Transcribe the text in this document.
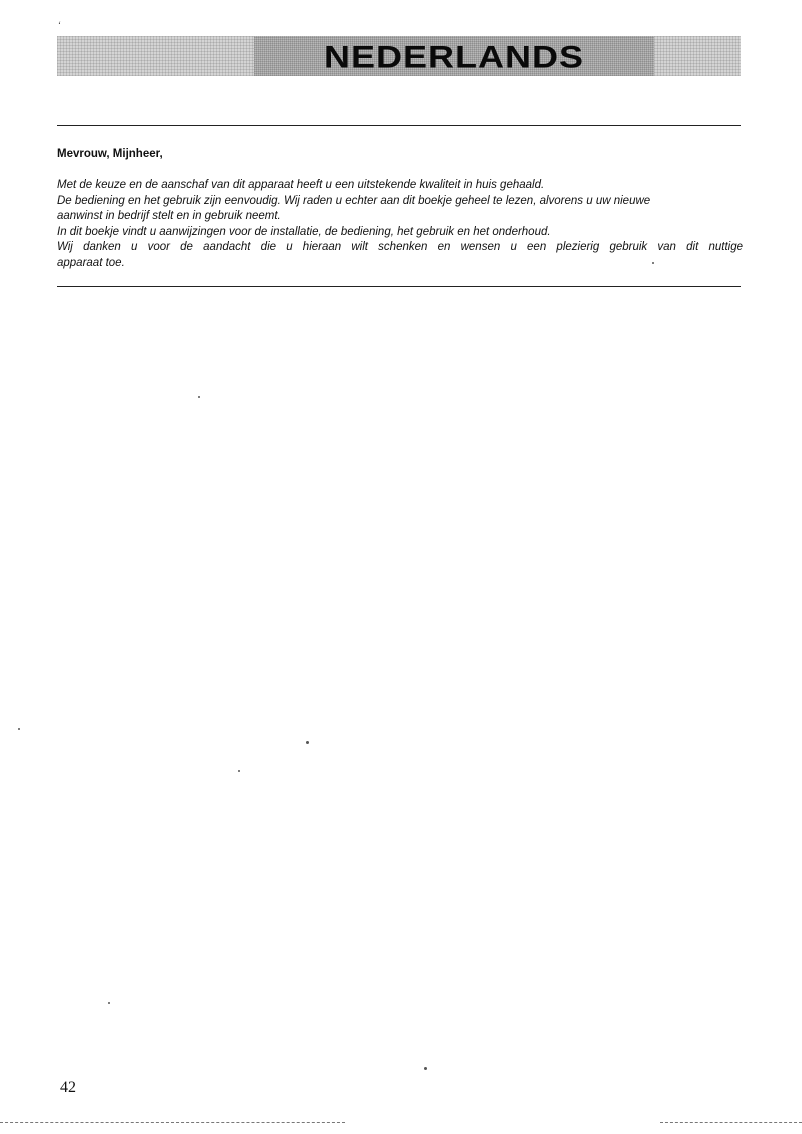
‘
NEDERLANDS

Mevrouw, Mijnheer,

Met de keuze en de aanschaf van dit apparaat heeft u een uitstekende kwaliteit in huis gehaald.
De bediening en het gebruik zijn eenvoudig. Wij raden u echter aan dit boekje geheel te lezen, alvorens u uw nieuwe
aanwinst in bedrijf stelt en in gebruik neemt.
In dit boekje vindt u aanwijzingen voor de installatie, de bediening, het gebruik en het onderhoud.
Wij danken u voor de aandacht die u hieraan wilt schenken en wensen u een plezierig gebruik van dit nuttige
apparaat toe.
42
